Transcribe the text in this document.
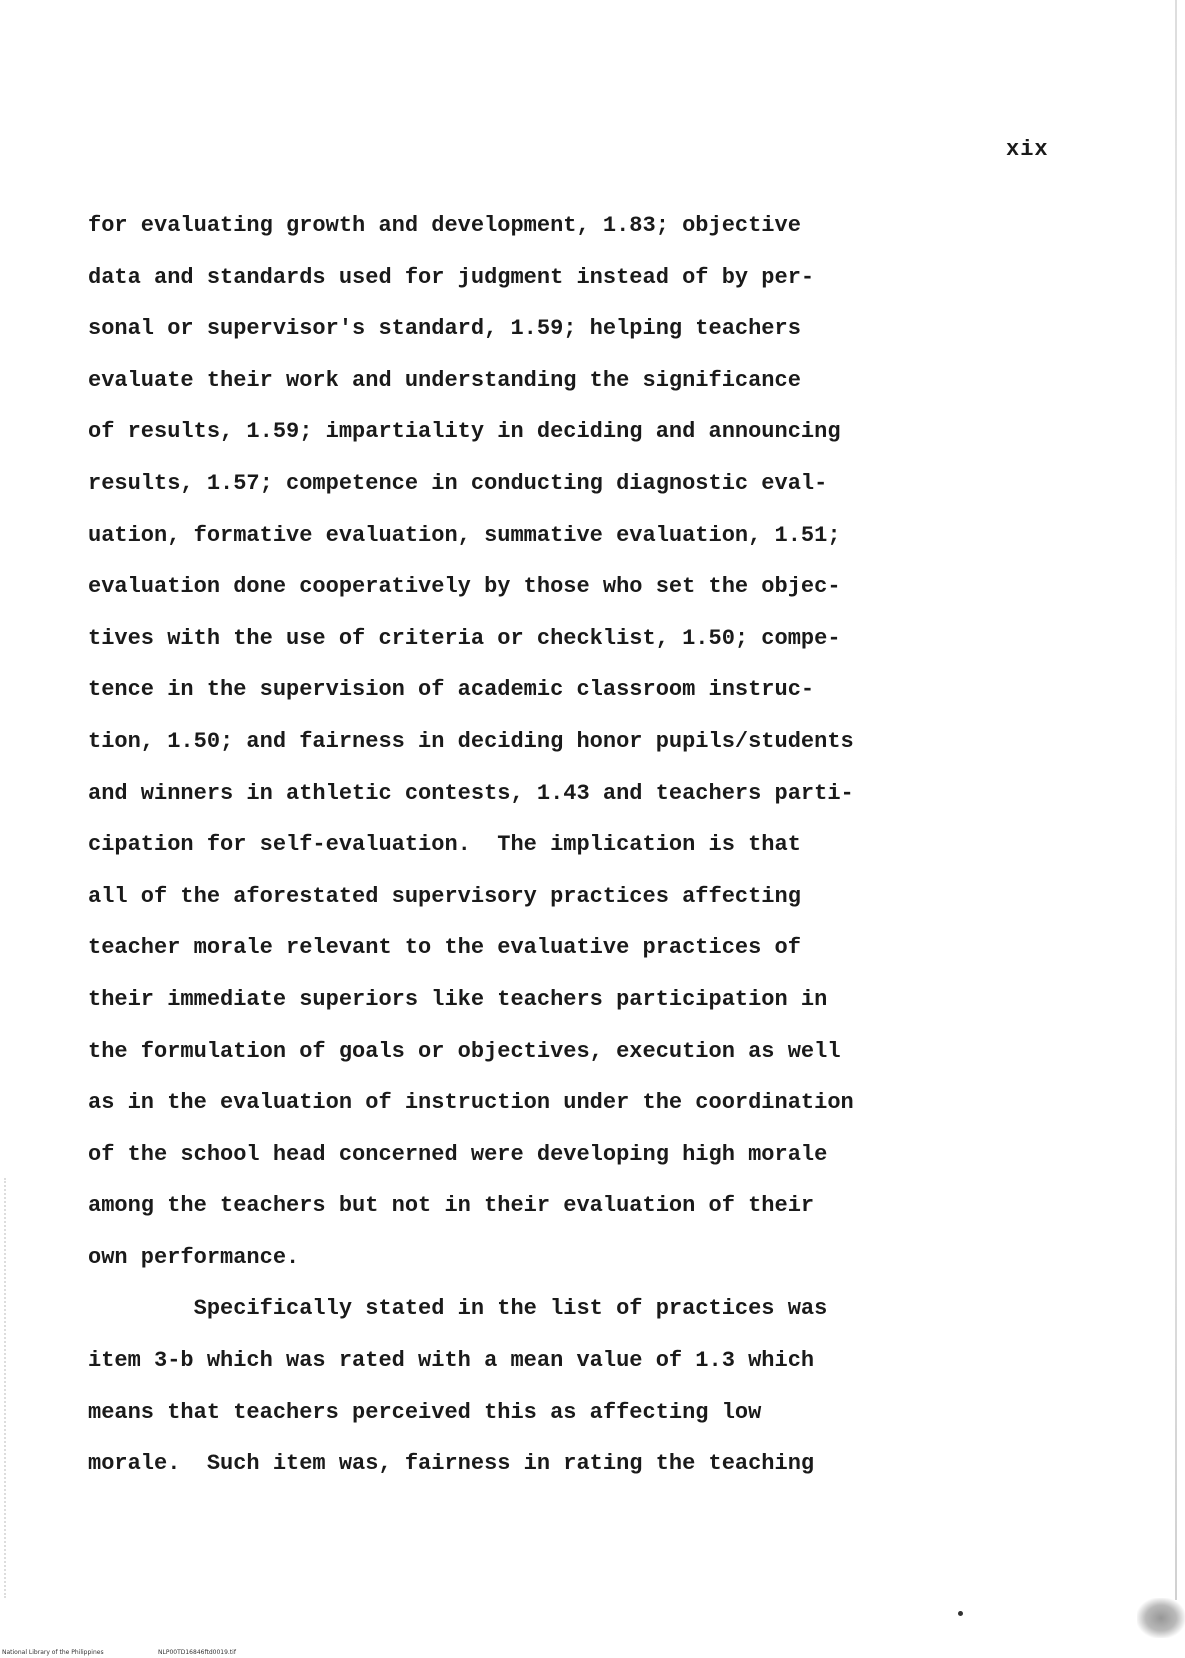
xix
for evaluating growth and development, 1.83; objective
data and standards used for judgment instead of by per-
sonal or supervisor's standard, 1.59; helping teachers
evaluate their work and understanding the significance
of results, 1.59; impartiality in deciding and announcing
results, 1.57; competence in conducting diagnostic eval-
uation, formative evaluation, summative evaluation, 1.51;
evaluation done cooperatively by those who set the objec-
tives with the use of criteria or checklist, 1.50; compe-
tence in the supervision of academic classroom instruc-
tion, 1.50; and fairness in deciding honor pupils/students
and winners in athletic contests, 1.43 and teachers parti-
cipation for self-evaluation.  The implication is that
all of the aforestated supervisory practices affecting
teacher morale relevant to the evaluative practices of
their immediate superiors like teachers participation in
the formulation of goals or objectives, execution as well
as in the evaluation of instruction under the coordination
of the school head concerned were developing high morale
among the teachers but not in their evaluation of their
own performance.
Specifically stated in the list of practices was
item 3-b which was rated with a mean value of 1.3 which
means that teachers perceived this as affecting low
morale.  Such item was, fairness in rating the teaching
National Library of the Philippines	NLP00TD16846ftd0019.tif
